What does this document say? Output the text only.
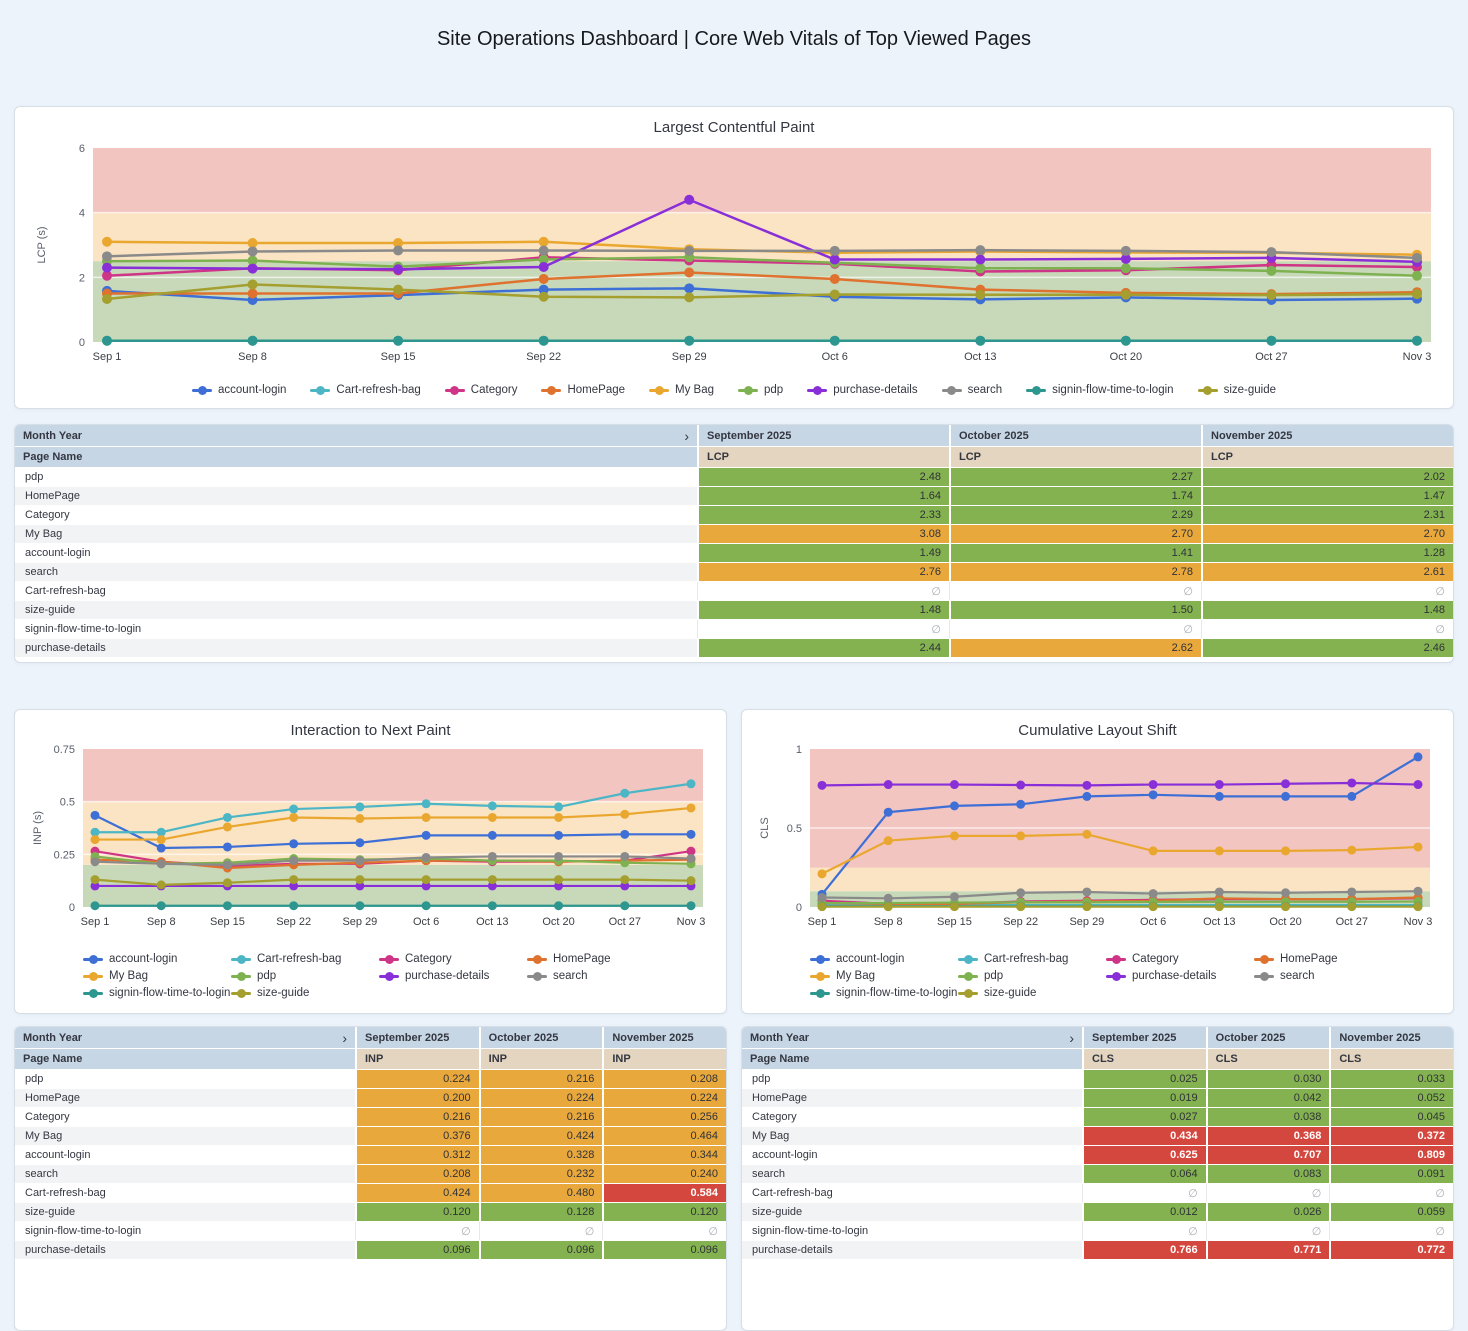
Site Operations Dashboard | Core Web Vitals of Top Viewed Pages
Largest Contentful Paint
0
2
4
6
LCP (s)
Sep 1	Sep 8	Sep 15	Sep 22	Sep 29	Oct 6	Oct 13	Oct 20	Oct 27	Nov 3
account-login	Cart-refresh-bag	Category	HomePage	My Bag	pdp	purchase-details	search	signin-flow-time-to-login	size-guide
Month Year	›	September 2025	October 2025	November 2025
Page Name	LCP	LCP	LCP
pdp	2.48	2.27	2.02
HomePage	1.64	1.74	1.47
Category	2.33	2.29	2.31
My Bag	3.08	2.70	2.70
account-login	1.49	1.41	1.28
search	2.76	2.78	2.61
Cart-refresh-bag	∅	∅	∅
size-guide	1.48	1.50	1.48
signin-flow-time-to-login	∅	∅	∅
purchase-details	2.44	2.62	2.46
Interaction to Next Paint
0
0.25
0.5
0.75
INP (s)
Sep 1	Sep 8	Sep 15	Sep 22	Sep 29	Oct 6	Oct 13	Oct 20	Oct 27	Nov 3
account-login	Cart-refresh-bag	Category	HomePage
My Bag	pdp	purchase-details	search
signin-flow-time-to-login size-guide
Cumulative Layout Shift
0
0.5
1
CLS
Sep 1	Sep 8	Sep 15	Sep 22	Sep 29	Oct 6	Oct 13	Oct 20	Oct 27	Nov 3
account-login	Cart-refresh-bag	Category	HomePage
My Bag	pdp	purchase-details	search
signin-flow-time-to-login size-guide
Month Year	›	September 2025	October 2025	November 2025
Page Name	INP	INP	INP
pdp	0.224	0.216	0.208
HomePage	0.200	0.224	0.224
Category	0.216	0.216	0.256
My Bag	0.376	0.424	0.464
account-login	0.312	0.328	0.344
search	0.208	0.232	0.240
Cart-refresh-bag	0.424	0.480	0.584
size-guide	0.120	0.128	0.120
signin-flow-time-to-login	∅	∅	∅
purchase-details	0.096	0.096	0.096
Month Year	›	September 2025	October 2025	November 2025
Page Name	CLS	CLS	CLS
pdp	0.025	0.030	0.033
HomePage	0.019	0.042	0.052
Category	0.027	0.038	0.045
My Bag	0.434	0.368	0.372
account-login	0.625	0.707	0.809
search	0.064	0.083	0.091
Cart-refresh-bag	∅	∅	∅
size-guide	0.012	0.026	0.059
signin-flow-time-to-login	∅	∅	∅
purchase-details	0.766	0.771	0.772
